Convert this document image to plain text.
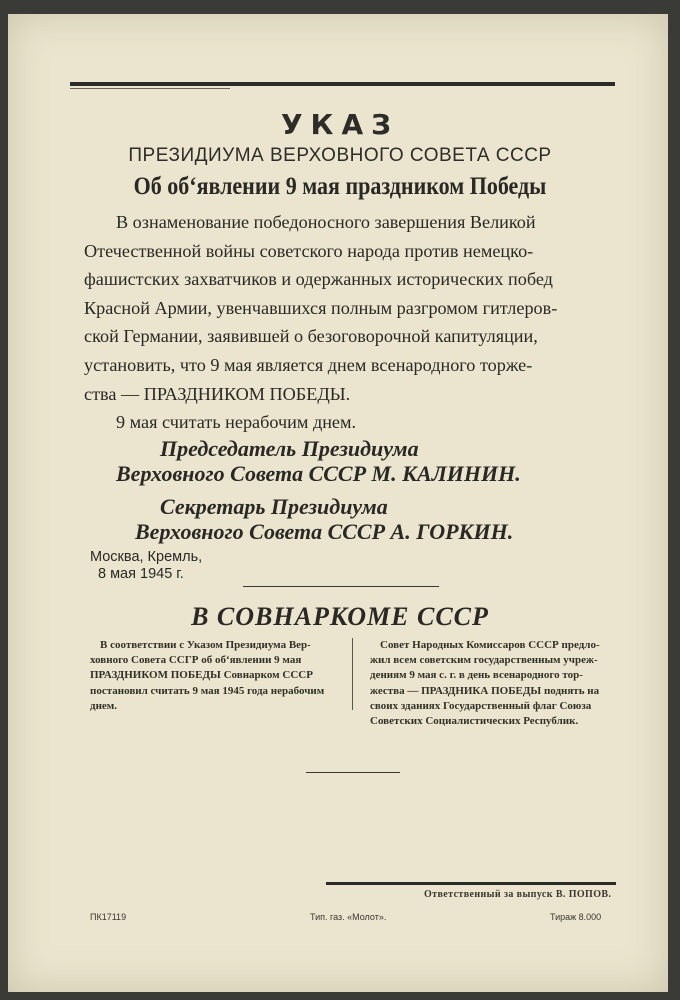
УКАЗ
ПРЕЗИДИУМА ВЕРХОВНОГО СОВЕТА СССР
Об об‘явлении 9 мая праздником Победы
В ознаменование победоносного завершения Великой
Отечественной войны советского народа против немецко-
фашистских захватчиков и одержанных исторических побед
Красной Армии, увенчавшихся полным разгромом гитлеров-
ской Германии, заявившей о безоговорочной капитуляции,
установить, что 9 мая является днем всенародного торже-
ства — ПРАЗДНИКОМ ПОБЕДЫ.
9 мая считать нерабочим днем.
Председатель Президиума
Верховного Совета СССР М. КАЛИНИН.
Секретарь Президиума
Верховного Совета СССР А. ГОРКИН.
Москва, Кремль,
8 мая 1945 г.
В СОВНАРКОМЕ СССР
В соответствии с Указом Президиума Вер-
ховного Совета ССГР об об‘явлении 9 мая
ПРАЗДНИКОМ ПОБЕДЫ Совнарком СССР
постановил считать 9 мая 1945 года нерабочим
днем.
Совет Народных Комиссаров СССР предло-
жил всем советским государственным учреж-
дениям 9 мая с. г. в день всенародного тор-
жества — ПРАЗДНИКА ПОБЕДЫ поднять на
своих зданиях Государственный флаг Союза
Советских Социалистических Республик.
Ответственный за выпуск В. ПОПОВ.
ПК17119	Тип. газ. «Молот».	Тираж 8.000
